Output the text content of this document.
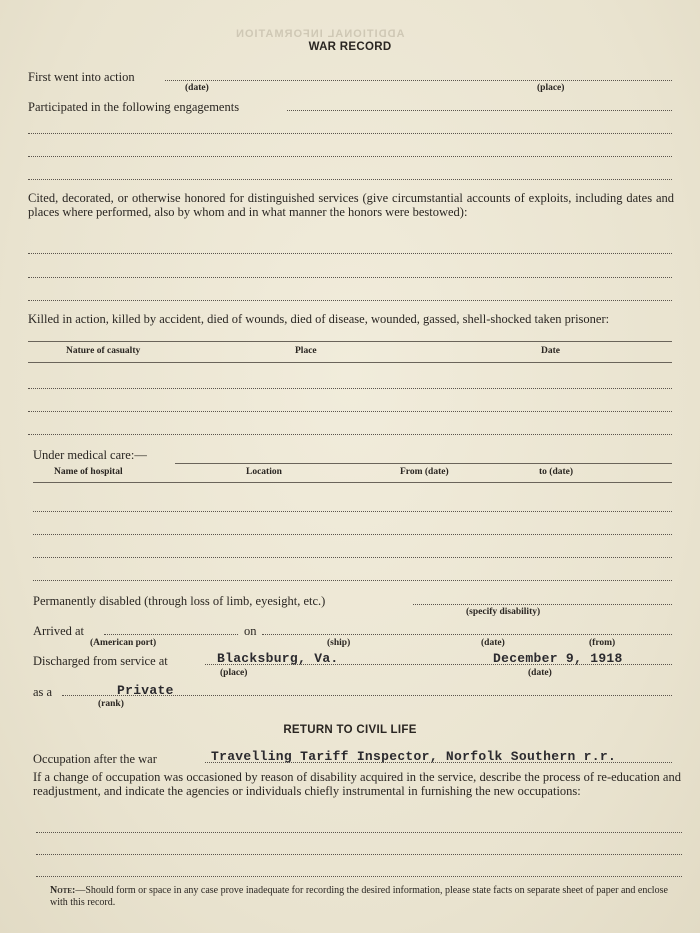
ADDITIONAL INFORMATION
WAR RECORD
First went into action
(date)	(place)
Participated in the following engagements
Cited, decorated, or otherwise honored for distinguished services (give circumstantial accounts of exploits, including dates and places where performed, also by whom and in what manner the honors were bestowed):
Killed in action, killed by accident, died of wounds, died of disease, wounded, gassed, shell-shocked taken prisoner:
Nature of casualty	Place	Date
Under medical care:—
Name of hospital	Location	From (date)	to (date)
Permanently disabled (through loss of limb, eyesight, etc.)
(specify disability)
Arrived at	on
(American port)	(ship)	(date)	(from)
Discharged from service at	Blacksburg, Va.	December 9, 1918
(place)	(date)
as a	Private
(rank)
RETURN TO CIVIL LIFE
Occupation after the war	Travelling Tariff Inspector, Norfolk Southern r.r.
If a change of occupation was occasioned by reason of disability acquired in the service, describe the process of re-education and readjustment, and indicate the agencies or individuals chiefly instrumental in furnishing the new occupations:
Note:—Should form or space in any case prove inadequate for recording the desired information, please state facts on separate sheet of paper and enclose with this record.
